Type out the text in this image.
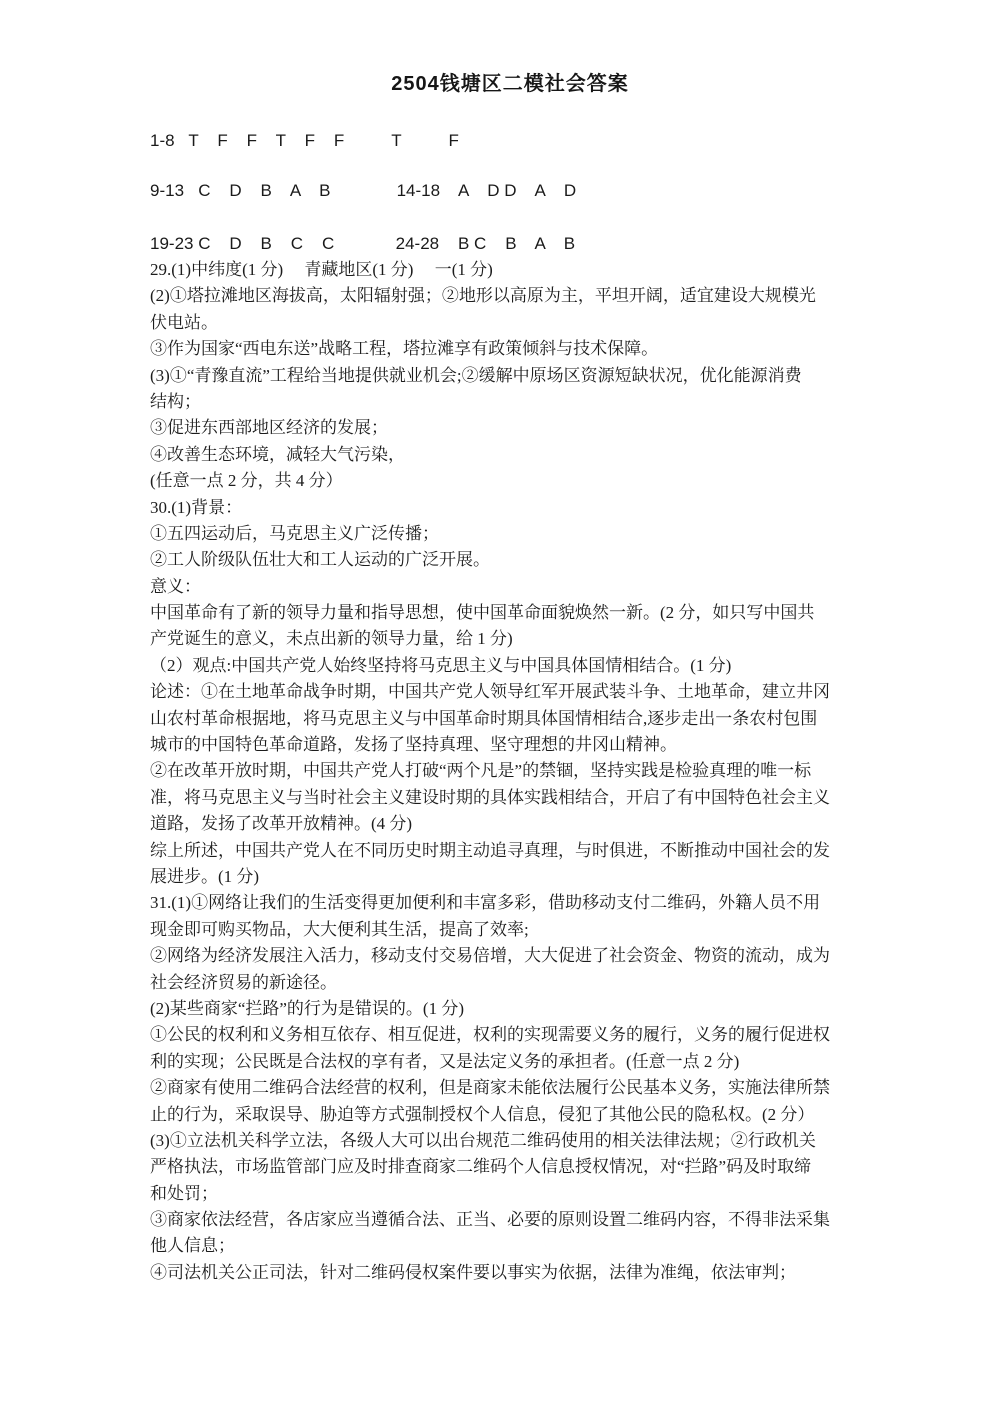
2504钱塘区二模社会答案
1-8   T    F    F    T    F    F          T          F
9-13   C    D    B    A    B              14-18    A    D D    A    D
19-23 C    D    B    C    C             24-28    B C    B    A    B
29.(1)中纬度(1 分)　 青藏地区(1 分)　 一(1 分)
(2)①塔拉滩地区海拔高，太阳辐射强；②地形以高原为主，平坦开阔，适宜建设大规模光
伏电站。
③作为国家“西电东送”战略工程，塔拉滩享有政策倾斜与技术保障。
(3)①“青豫直流”工程给当地提供就业机会;②缓解中原场区资源短缺状况，优化能源消费
结构；
③促进东西部地区经济的发展；
④改善生态环境，减轻大气污染，
(任意一点 2 分，共 4 分）
30.(1)背景：
①五四运动后，马克思主义广泛传播；
②工人阶级队伍壮大和工人运动的广泛开展。
意义：
中国革命有了新的领导力量和指导思想，使中国革命面貌焕然一新。(2 分，如只写中国共
产党诞生的意义，未点出新的领导力量，给 1 分)
（2）观点:中国共产党人始终坚持将马克思主义与中国具体国情相结合。(1 分)
论述：①在土地革命战争时期，中国共产党人领导红军开展武装斗争、土地革命，建立井冈
山农村革命根据地，将马克思主义与中国革命时期具体国情相结合,逐步走出一条农村包围
城市的中国特色革命道路，发扬了坚持真理、坚守理想的井冈山精神。
②在改革开放时期，中国共产党人打破“两个凡是”的禁锢，坚持实践是检验真理的唯一标
准，将马克思主义与当时社会主义建设时期的具体实践相结合，开启了有中国特色社会主义
道路，发扬了改革开放精神。(4 分)
综上所述，中国共产党人在不同历史时期主动追寻真理，与时俱进，不断推动中国社会的发
展进步。(1 分)
31.(1)①网络让我们的生活变得更加便利和丰富多彩，借助移动支付二维码，外籍人员不用
现金即可购买物品，大大便利其生活，提高了效率;
②网络为经济发展注入活力，移动支付交易倍增，大大促进了社会资金、物资的流动，成为
社会经济贸易的新途径。
(2)某些商家“拦路”的行为是错误的。(1 分)
①公民的权利和义务相互依存、相互促进，权利的实现需要义务的履行，义务的履行促进权
利的实现；公民既是合法权的享有者，又是法定义务的承担者。(任意一点 2 分)
②商家有使用二维码合法经营的权利，但是商家未能依法履行公民基本义务，实施法律所禁
止的行为，采取误导、胁迫等方式强制授权个人信息，侵犯了其他公民的隐私权。(2 分）
(3)①立法机关科学立法，各级人大可以出台规范二维码使用的相关法律法规；②行政机关
严格执法，市场监管部门应及时排查商家二维码个人信息授权情况，对“拦路”码及时取缔
和处罚；
③商家依法经营，各店家应当遵循合法、正当、必要的原则设置二维码内容，不得非法采集
他人信息；
④司法机关公正司法，针对二维码侵权案件要以事实为依据，法律为准绳，依法审判；
